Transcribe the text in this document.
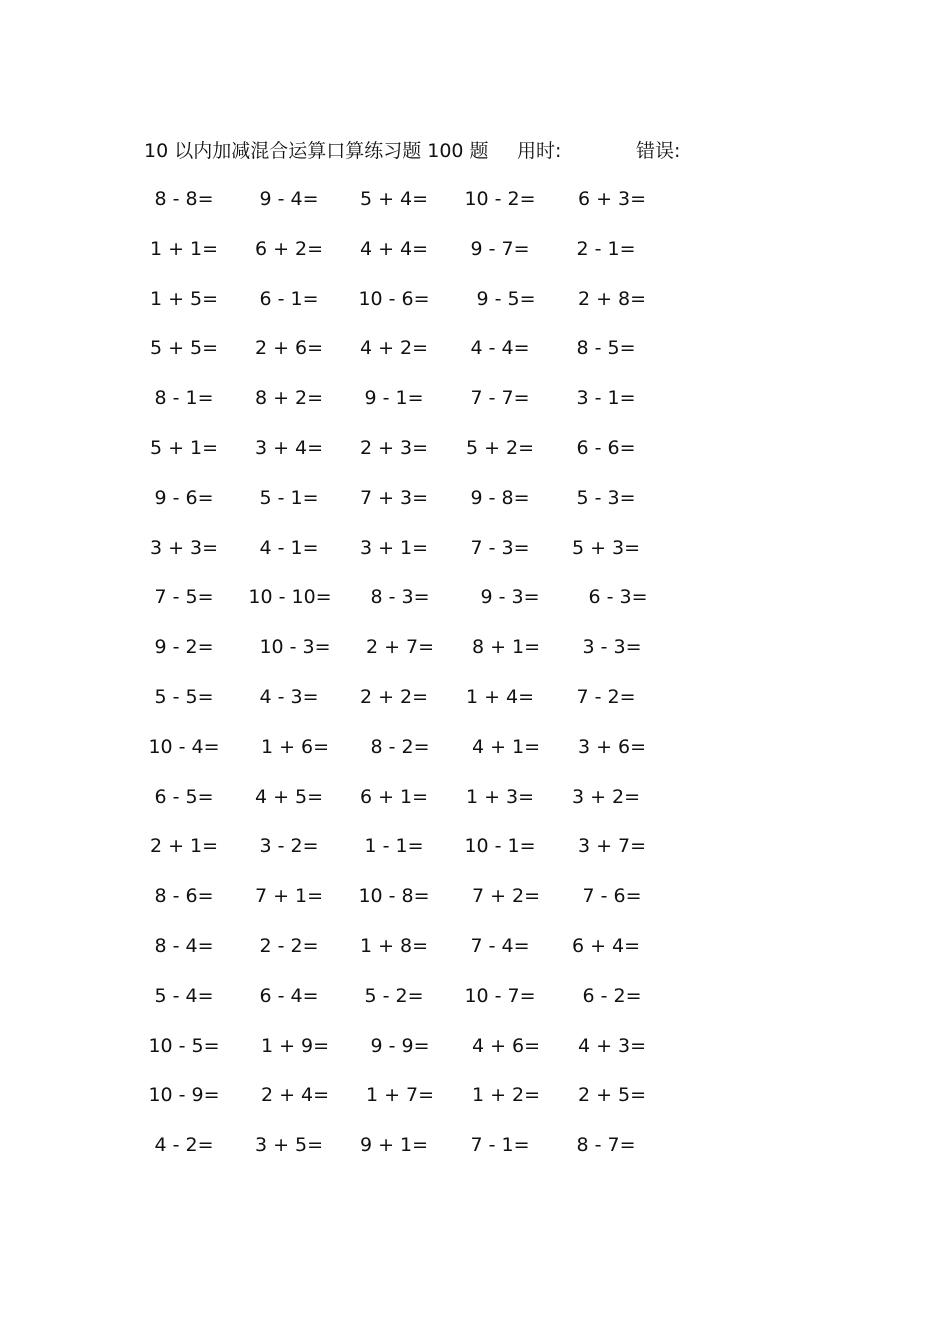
10 以内加减混合运算口算练习题 100 题 用时:	错误:
8 - 8= 9 - 4= 5 + 4= 10 - 2= 6 + 3=
1 + 1= 6 + 2= 4 + 4= 9 - 7= 2 - 1=
1 + 5= 6 - 1= 10 - 6= 9 - 5= 2 + 8=
5 + 5= 2 + 6= 4 + 2= 4 - 4= 8 - 5=
8 - 1= 8 + 2= 9 - 1= 7 - 7= 3 - 1=
5 + 1= 3 + 4= 2 + 3= 5 + 2= 6 - 6=
9 - 6= 5 - 1= 7 + 3= 9 - 8= 5 - 3=
3 + 3= 4 - 1= 3 + 1= 7 - 3= 5 + 3=
7 - 5= 10 - 10= 8 - 3=	9 - 3=	6 - 3=
9 - 2= 10 - 3= 2 + 7= 8 + 1= 3 - 3=
5 - 5= 4 - 3= 2 + 2= 1 + 4= 7 - 2=
10 - 4= 1 + 6= 8 - 2= 4 + 1= 3 + 6=
6 - 5= 4 + 5= 6 + 1= 1 + 3= 3 + 2=
2 + 1= 3 - 2= 1 - 1= 10 - 1= 3 + 7=
8 - 6= 7 + 1= 10 - 8= 7 + 2= 7 - 6=
8 - 4= 2 - 2= 1 + 8= 7 - 4= 6 + 4=
5 - 4= 6 - 4= 5 - 2= 10 - 7= 6 - 2=
10 - 5= 1 + 9= 9 - 9= 4 + 6= 4 + 3=
10 - 9= 2 + 4= 1 + 7= 1 + 2= 2 + 5=
4 - 2= 3 + 5= 9 + 1= 7 - 1= 8 - 7=
